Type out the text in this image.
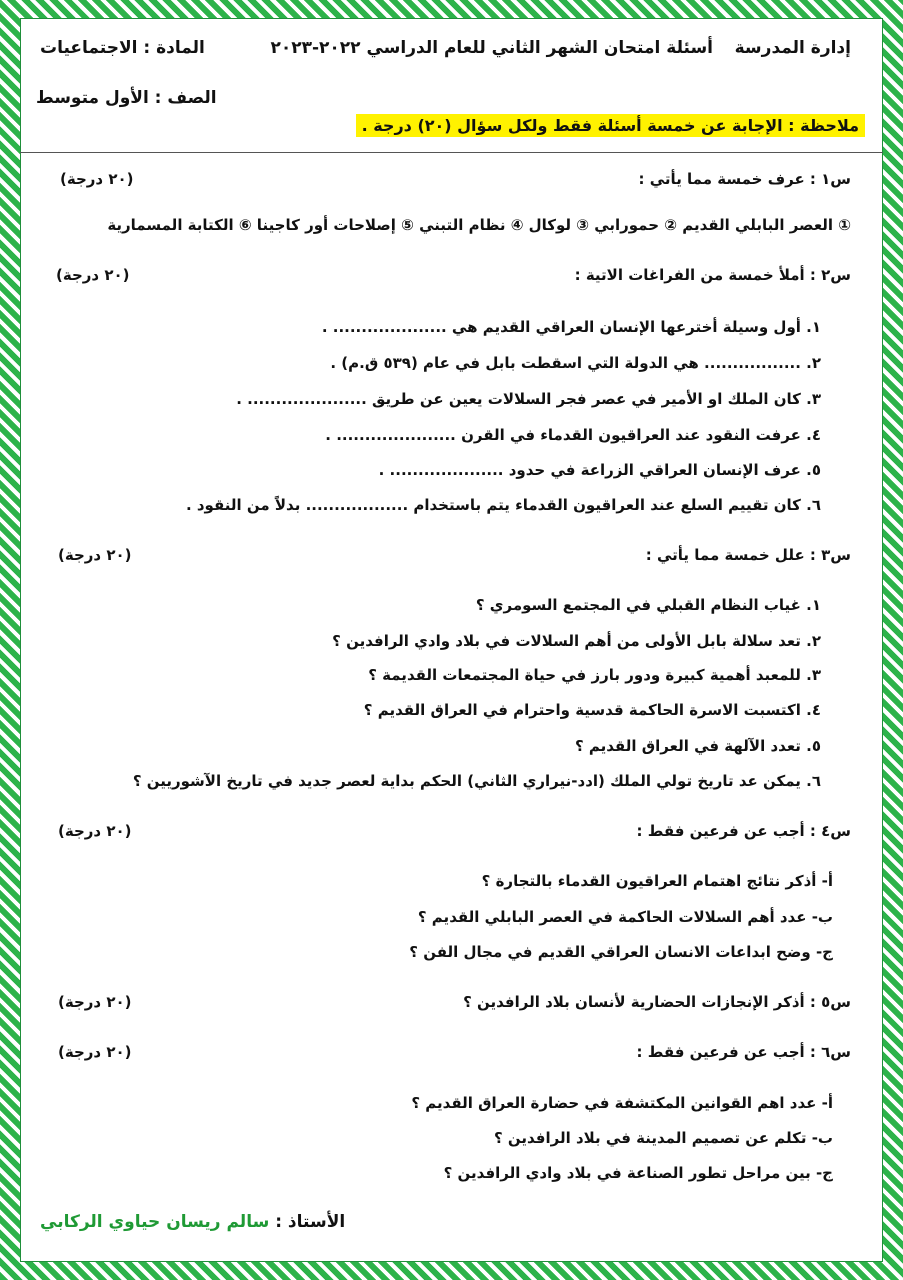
إدارة المدرسة
أسئلة امتحان الشهر الثاني للعام الدراسي ٢٠٢٢-٢٠٢٣
المادة : الاجتماعيات
الصف : الأول متوسط
ملاحظة : الإجابة عن خمسة أسئلة فقط ولكل سؤال (٢٠) درجة .
س١ : عرف خمسة مما يأتي :
(٢٠ درجة)
① العصر البابلي القديم ② حمورابي ③ لوكال ④ نظام التبني ⑤ إصلاحات أور كاجينا ⑥ الكتابة المسمارية
س٢ : أملأ خمسة من الفراغات الاتية :
(٢٠ درجة)
١. أول وسيلة أخترعها الإنسان العراقي القديم هي .................... .
٢. ................. هي الدولة التي اسقطت بابل في عام (٥٣٩ ق.م) .
٣. كان الملك او الأمير في عصر فجر السلالات يعين عن طريق ..................... .
٤. عرفت النقود عند العراقيون القدماء في القرن ..................... .
٥. عرف الإنسان العراقي الزراعة في حدود .................... .
٦. كان تقييم السلع عند العراقيون القدماء يتم باستخدام .................. بدلاً من النقود .
س٣ : علل خمسة مما يأتي :
(٢٠ درجة)
١. غياب النظام القبلي في المجتمع السومري ؟
٢. تعد سلالة بابل الأولى من أهم السلالات في بلاد وادي الرافدين ؟
٣. للمعبد أهمية كبيرة ودور بارز في حياة المجتمعات القديمة ؟
٤. اكتسبت الاسرة الحاكمة قدسية واحترام في العراق القديم ؟
٥. تعدد الآلهة في العراق القديم ؟
٦. يمكن عد تاريخ تولي الملك (ادد-نيراري الثاني) الحكم بداية لعصر جديد في تاريخ الآشوريين ؟
س٤ : أجب عن فرعين فقط :
(٢٠ درجة)
أ- أذكر نتائج اهتمام العراقيون القدماء بالتجارة ؟
ب- عدد أهم السلالات الحاكمة في العصر البابلي القديم ؟
ج- وضح ابداعات الانسان العراقي القديم في مجال الفن ؟
س٥ : أذكر الإنجازات الحضارية لأنسان بلاد الرافدين ؟
(٢٠ درجة)
س٦ : أجب عن فرعين فقط :
(٢٠ درجة)
أ- عدد اهم القوانين المكتشفة في حضارة العراق القديم ؟
ب- تكلم عن تصميم المدينة في بلاد الرافدين ؟
ج- بين مراحل تطور الصناعة في بلاد وادي الرافدين ؟
الأستاذ : سالم ريسان حياوي الركابي
